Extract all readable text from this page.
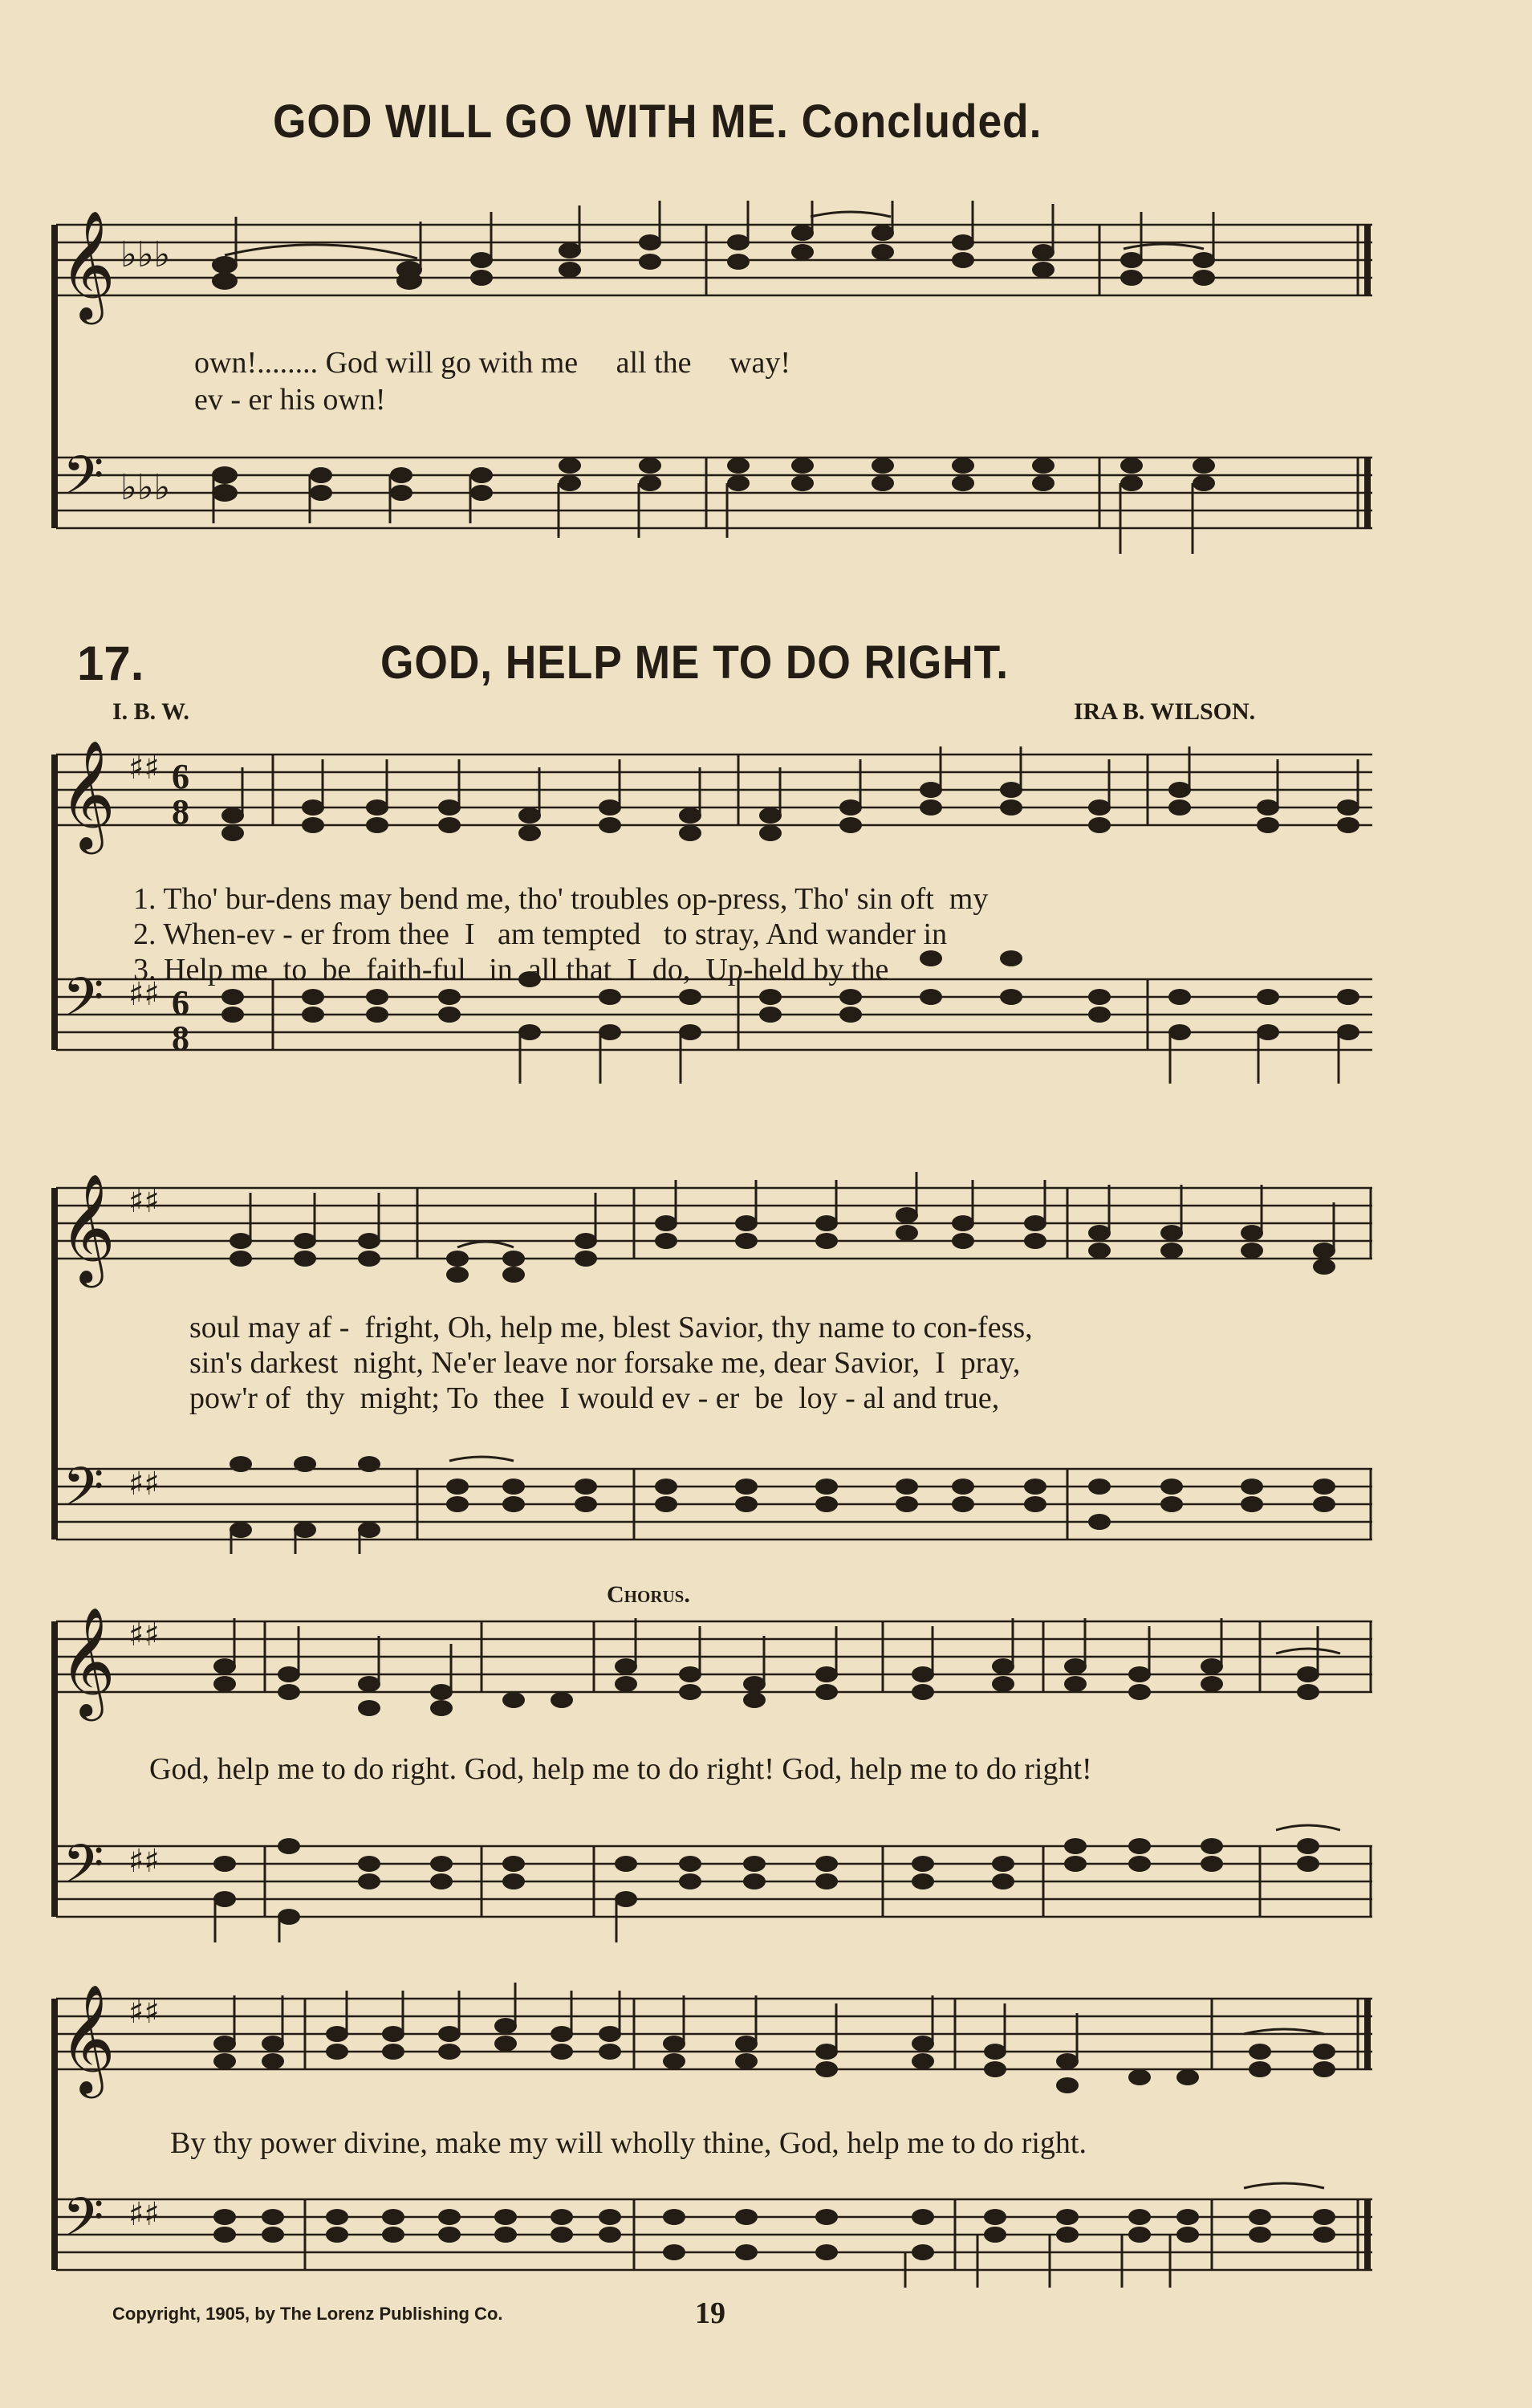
GOD WILL GO WITH ME. Concluded.
𝄞
𝄢
♭♭♭
♭♭♭
own!........ God will go with me     all the     way!
ev - er his own!
17.	GOD, HELP ME TO DO RIGHT.
I. B. W.	IRA B. WILSON.
𝄞
𝄢
♯♯
♯♯
6
8
6
8
1. Tho' bur-dens may bend me, tho' troubles op-press, Tho' sin oft  my
2. When-ev - er from thee  I   am tempted   to stray, And wander in
3. Help me  to  be  faith-ful   in  all that  I  do,  Up-held by the
𝄞
𝄢
♯♯
♯♯
soul may af -  fright, Oh, help me, blest Savior, thy name to con-fess,
sin's darkest  night, Ne'er leave nor forsake me, dear Savior,  I  pray,
pow'r of  thy  might; To  thee  I would ev - er  be  loy - al and true,
Chorus.
𝄞
𝄢
♯♯
♯♯
God, help me to do right. God, help me to do right! God, help me to do right!
𝄞
𝄢
♯♯
♯♯
By thy power divine, make my will wholly thine, God, help me to do right.
Copyright, 1905, by The Lorenz Publishing Co.	19
